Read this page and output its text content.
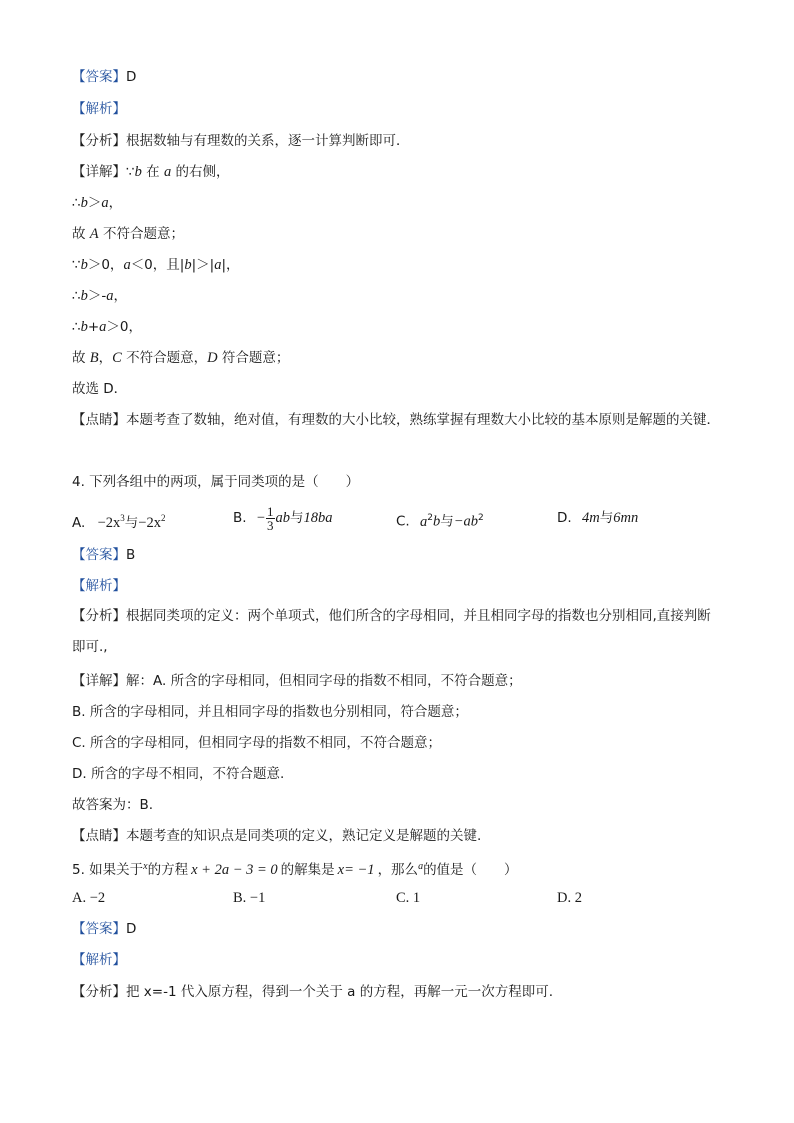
【答案】D
【解析】
【分析】根据数轴与有理数的关系，逐一计算判断即可．
【详解】∵b 在 a 的右侧，
∴b＞a，
故 A 不符合题意；
∵b＞0，a＜0，且|b|＞|a|，
∴b＞-a，
∴b+a＞0，
故 B，C 不符合题意，D 符合题意；
故选 D．
【点睛】本题考查了数轴，绝对值，有理数的大小比较，熟练掌握有理数大小比较的基本原则是解题的关键．
4. 下列各组中的两项，属于同类项的是（　　）
A. $-2x^3$与$-2x^2$	B. − $\frac{1}{3}$ ab与18ba	C. $a^2b$与$-ab^2$	D. 4m与6mn
【答案】B
【解析】
【分析】根据同类项的定义：两个单项式，他们所含的字母相同，并且相同字母的指数也分别相同,直接判断即可.,
【详解】解：A. 所含的字母相同，但相同字母的指数不相同，不符合题意；
B. 所含的字母相同，并且相同字母的指数也分别相同，符合题意；
C. 所含的字母相同，但相同字母的指数不相同，不符合题意；
D. 所含的字母不相同，不符合题意.
故答案为：B.
【点睛】本题考查的知识点是同类项的定义，熟记定义是解题的关键.
5. 如果关于$^x$的方程 x + 2a − 3 = 0 的解集是 x= −1 ，那么$^a$的值是（　　）
A. −2	B. −1	C. 1	D. 2
【答案】D
【解析】
【分析】把 x=-1 代入原方程，得到一个关于 a 的方程，再解一元一次方程即可.
